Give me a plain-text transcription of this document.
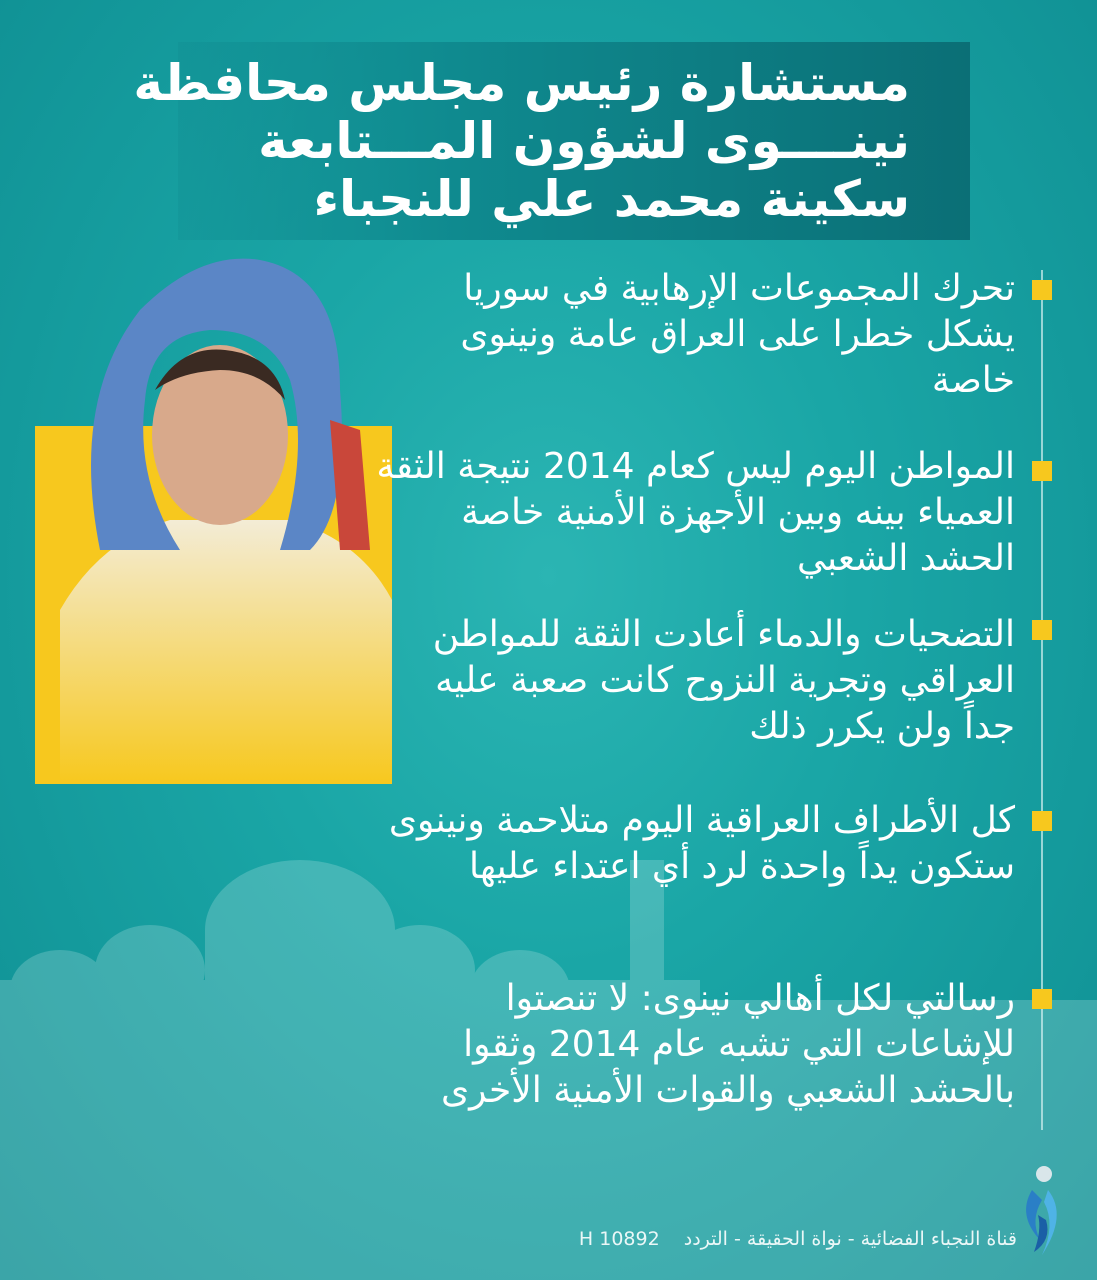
مستشارة رئيس مجلس محافظة
نينــــوى لشؤون المـــتابعة
سكينة محمد علي للنجباء
تحرك المجموعات الإرهابية في سوريا يشكل خطرا على العراق عامة ونينوى خاصة
المواطن اليوم ليس كعام 2014 نتيجة الثقة العمياء بينه وبين الأجهزة الأمنية خاصة الحشد الشعبي
التضحيات والدماء أعادت الثقة للمواطن العراقي وتجرية النزوح كانت صعبة عليه جداً ولن يكرر ذلك
كل الأطراف العراقية اليوم متلاحمة ونينوى ستكون يداً واحدة لرد أي اعتداء عليها
رسالتي لكل أهالي نينوى: لا تنصتوا للإشاعات التي تشبه عام 2014 وثقوا بالحشد الشعبي والقوات الأمنية الأخرى
قناة النجباء الفضائية - نواة الحقيقة - التردد H 10892
